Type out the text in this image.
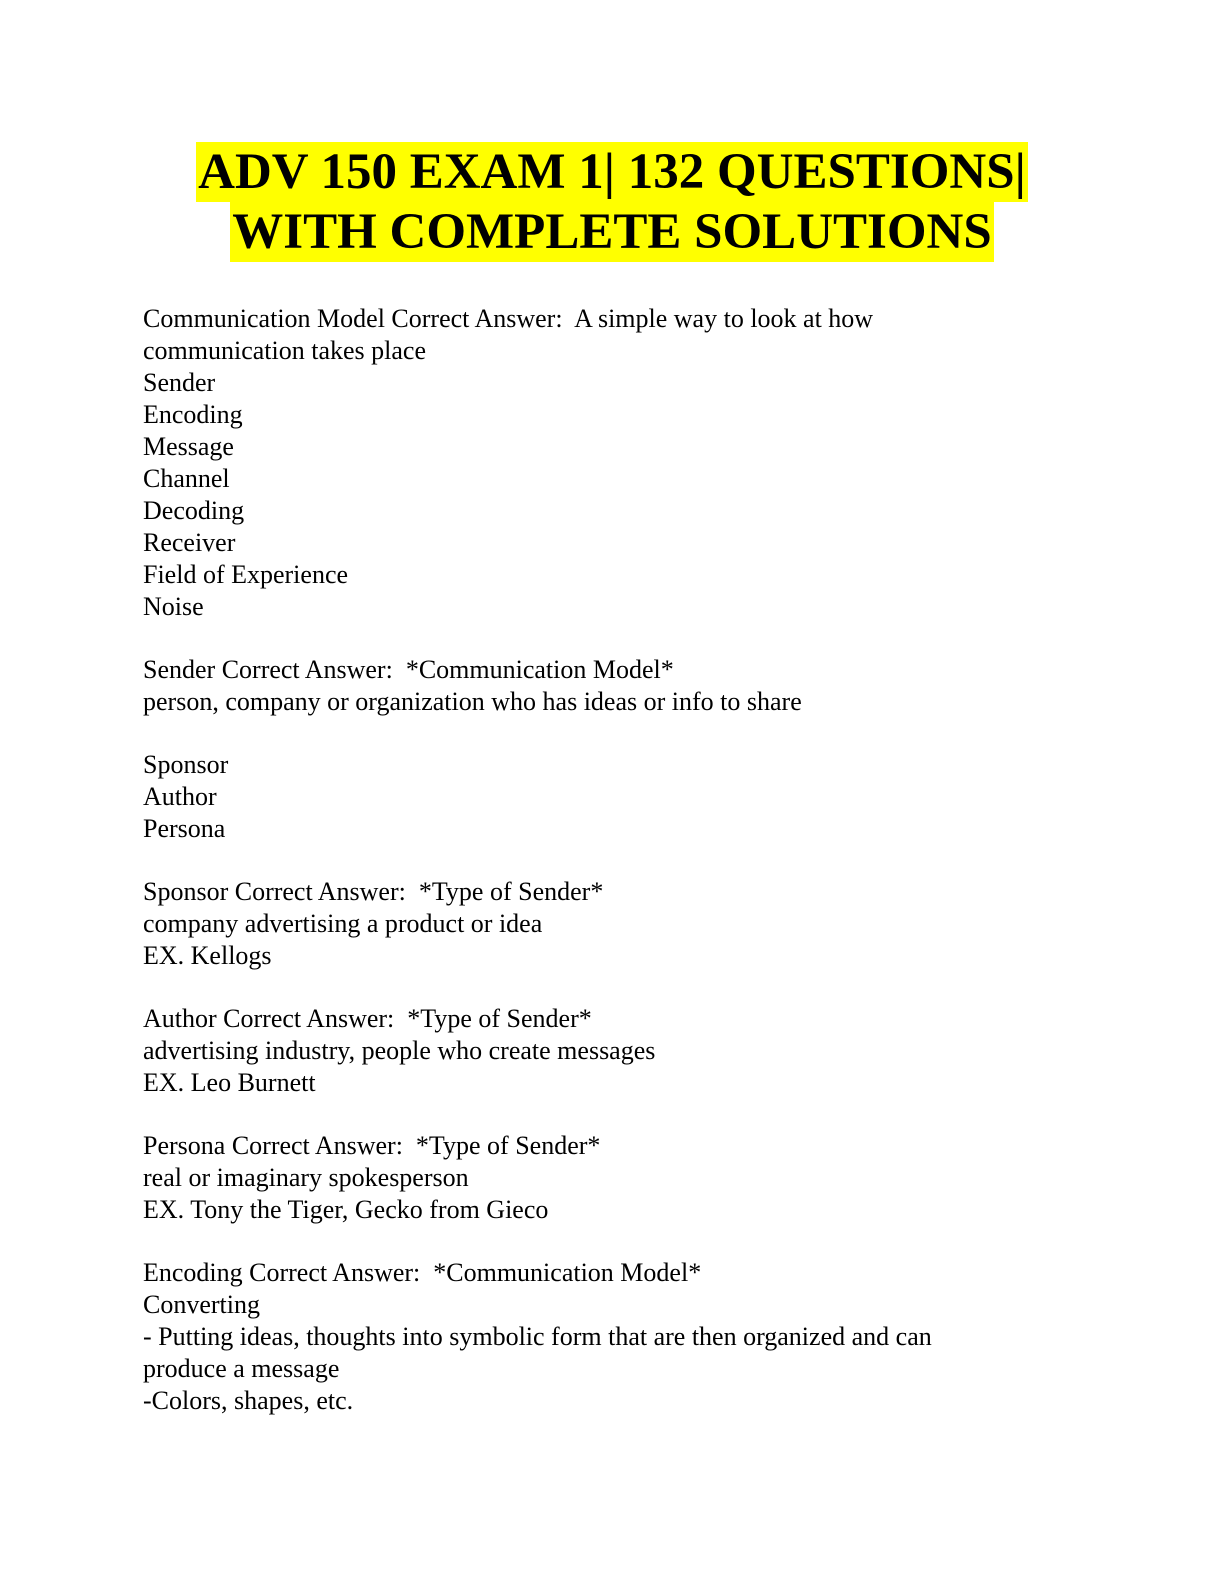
ADV 150 EXAM 1| 132 QUESTIONS|
WITH COMPLETE SOLUTIONS
Communication Model Correct Answer:  A simple way to look at how
communication takes place
Sender
Encoding
Message
Channel
Decoding
Receiver
Field of Experience
Noise
Sender Correct Answer:  *Communication Model*
person, company or organization who has ideas or info to share
Sponsor
Author
Persona
Sponsor Correct Answer:  *Type of Sender*
company advertising a product or idea
EX. Kellogs
Author Correct Answer:  *Type of Sender*
advertising industry, people who create messages
EX. Leo Burnett
Persona Correct Answer:  *Type of Sender*
real or imaginary spokesperson
EX. Tony the Tiger, Gecko from Gieco
Encoding Correct Answer:  *Communication Model*
Converting
- Putting ideas, thoughts into symbolic form that are then organized and can
produce a message
-Colors, shapes, etc.
